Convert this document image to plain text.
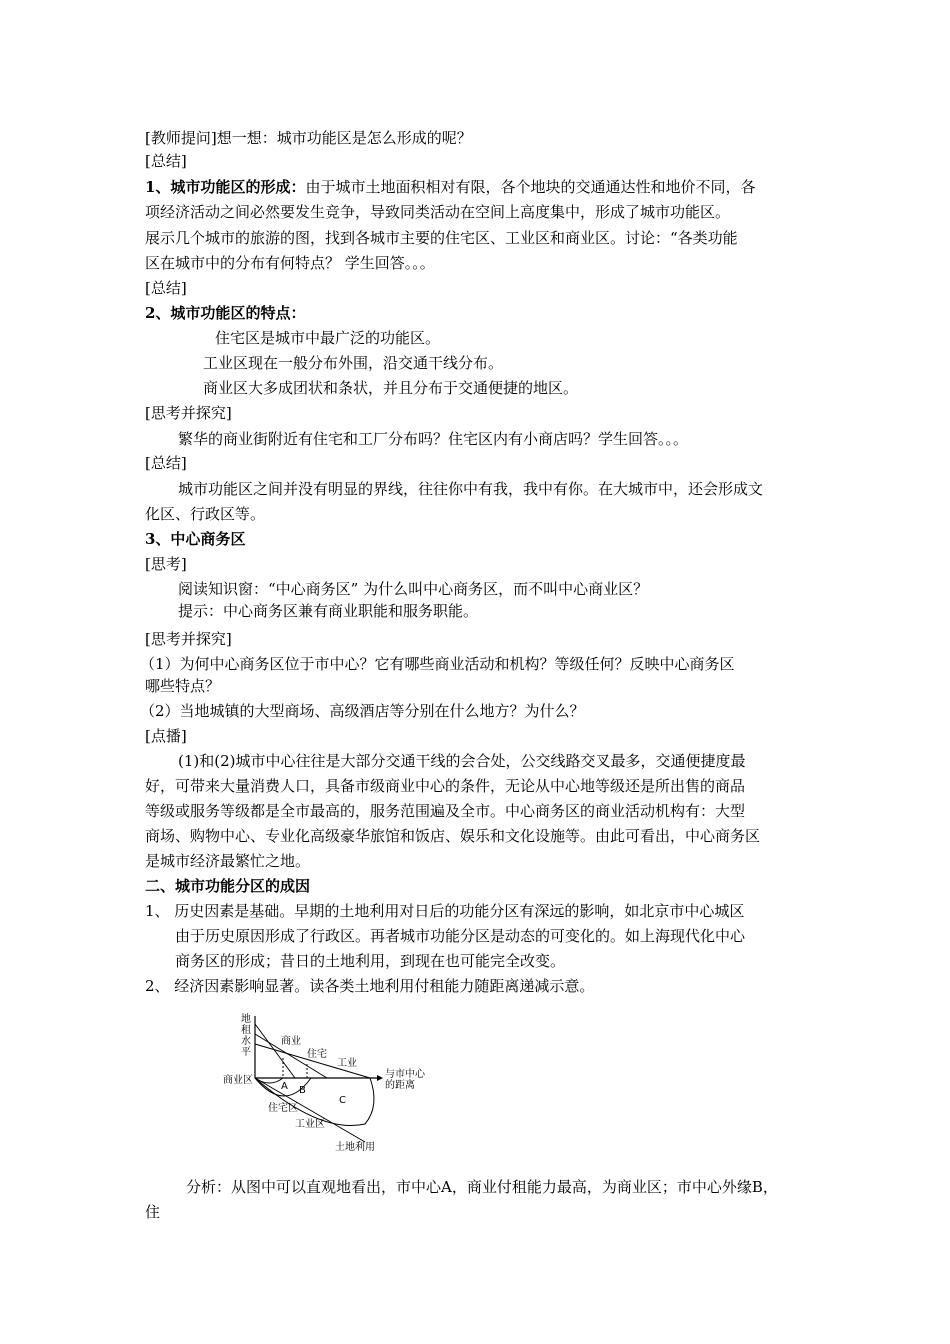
[教师提问]想一想：城市功能区是怎么形成的呢？
[总结]
1、城市功能区的形成：由于城市土地面积相对有限，各个地块的交通通达性和地价不同，各
项经济活动之间必然要发生竞争，导致同类活动在空间上高度集中，形成了城市功能区。
展示几个城市的旅游的图，找到各城市主要的住宅区、工业区和商业区。讨论：“各类功能
区在城市中的分布有何特点？ 学生回答。。。
[总结]
2、城市功能区的特点：
住宅区是城市中最广泛的功能区。
工业区现在一般分布外围，沿交通干线分布。
商业区大多成团状和条状，并且分布于交通便捷的地区。
[思考并探究]
繁华的商业街附近有住宅和工厂分布吗？住宅区内有小商店吗？学生回答。。。
[总结]
城市功能区之间并没有明显的界线，往往你中有我，我中有你。在大城市中，还会形成文
化区、行政区等。
3、中心商务区
[思考]
阅读知识窗：“中心商务区” 为什么叫中心商务区，而不叫中心商业区？
提示：中心商务区兼有商业职能和服务职能。
[思考并探究]
（1）为何中心商务区位于市中心？它有哪些商业活动和机构？等级任何？反映中心商务区
哪些特点？
（2）当地城镇的大型商场、高级酒店等分别在什么地方？为什么？
[点播]
(1)和(2)城市中心往往是大部分交通干线的会合处，公交线路交叉最多，交通便捷度最
好，可带来大量消费人口，具备市级商业中心的条件，无论从中心地等级还是所出售的商品
等级或服务等级都是全市最高的，服务范围遍及全市。中心商务区的商业活动机构有：大型
商场、购物中心、专业化高级豪华旅馆和饭店、娱乐和文化设施等。由此可看出，中心商务区
是城市经济最繁忙之地。
二、城市功能分区的成因
1、 历史因素是基础。早期的土地利用对日后的功能分区有深远的影响，如北京市中心城区
由于历史原因形成了行政区。再者城市功能分区是动态的可变化的。如上海现代化中心
商务区的形成；昔日的土地利用，到现在也可能完全改变。
2、 经济因素影响显著。读各类土地利用付租能力随距离递减示意。
地
租
水
平
商业
住宅
工业
与市中心
的距离
商业区
A B
C
住宅区
工业区
土地利用
分析：从图中可以直观地看出，市中心A，商业付租能力最高，为商业区；市中心外缘B，
住
